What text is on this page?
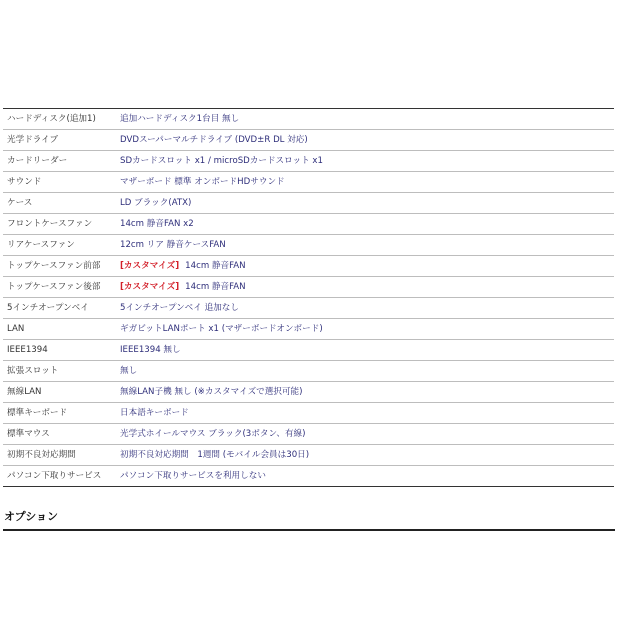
ハードディスク(追加1)	追加ハードディスク1台目 無し
光学ドライブ	DVDスーパーマルチドライブ (DVD±R DL 対応)
カードリーダー	SDカードスロット x1 / microSDカードスロット x1
サウンド	マザーボード 標準 オンボードHDサウンド
ケース	LD ブラック(ATX)
フロントケースファン	14cm 静音FAN x2
リアケースファン	12cm リア 静音ケースFAN
トップケースファン前部	[カスタマイズ] 14cm 静音FAN
トップケースファン後部	[カスタマイズ] 14cm 静音FAN
5インチオープンベイ	5インチオープンベイ 追加なし
LAN	ギガビットLANポート x1 (マザーボードオンボード)
IEEE1394	IEEE1394 無し
拡張スロット	無し
無線LAN	無線LAN子機 無し (※カスタマイズで選択可能)
標準キーボード	日本語キーボード
標準マウス	光学式ホイールマウス ブラック(3ボタン、有線)
初期不良対応期間	初期不良対応期間　1週間 (モバイル会員は30日)
パソコン下取りサービス	パソコン下取りサービスを利用しない
オプション
